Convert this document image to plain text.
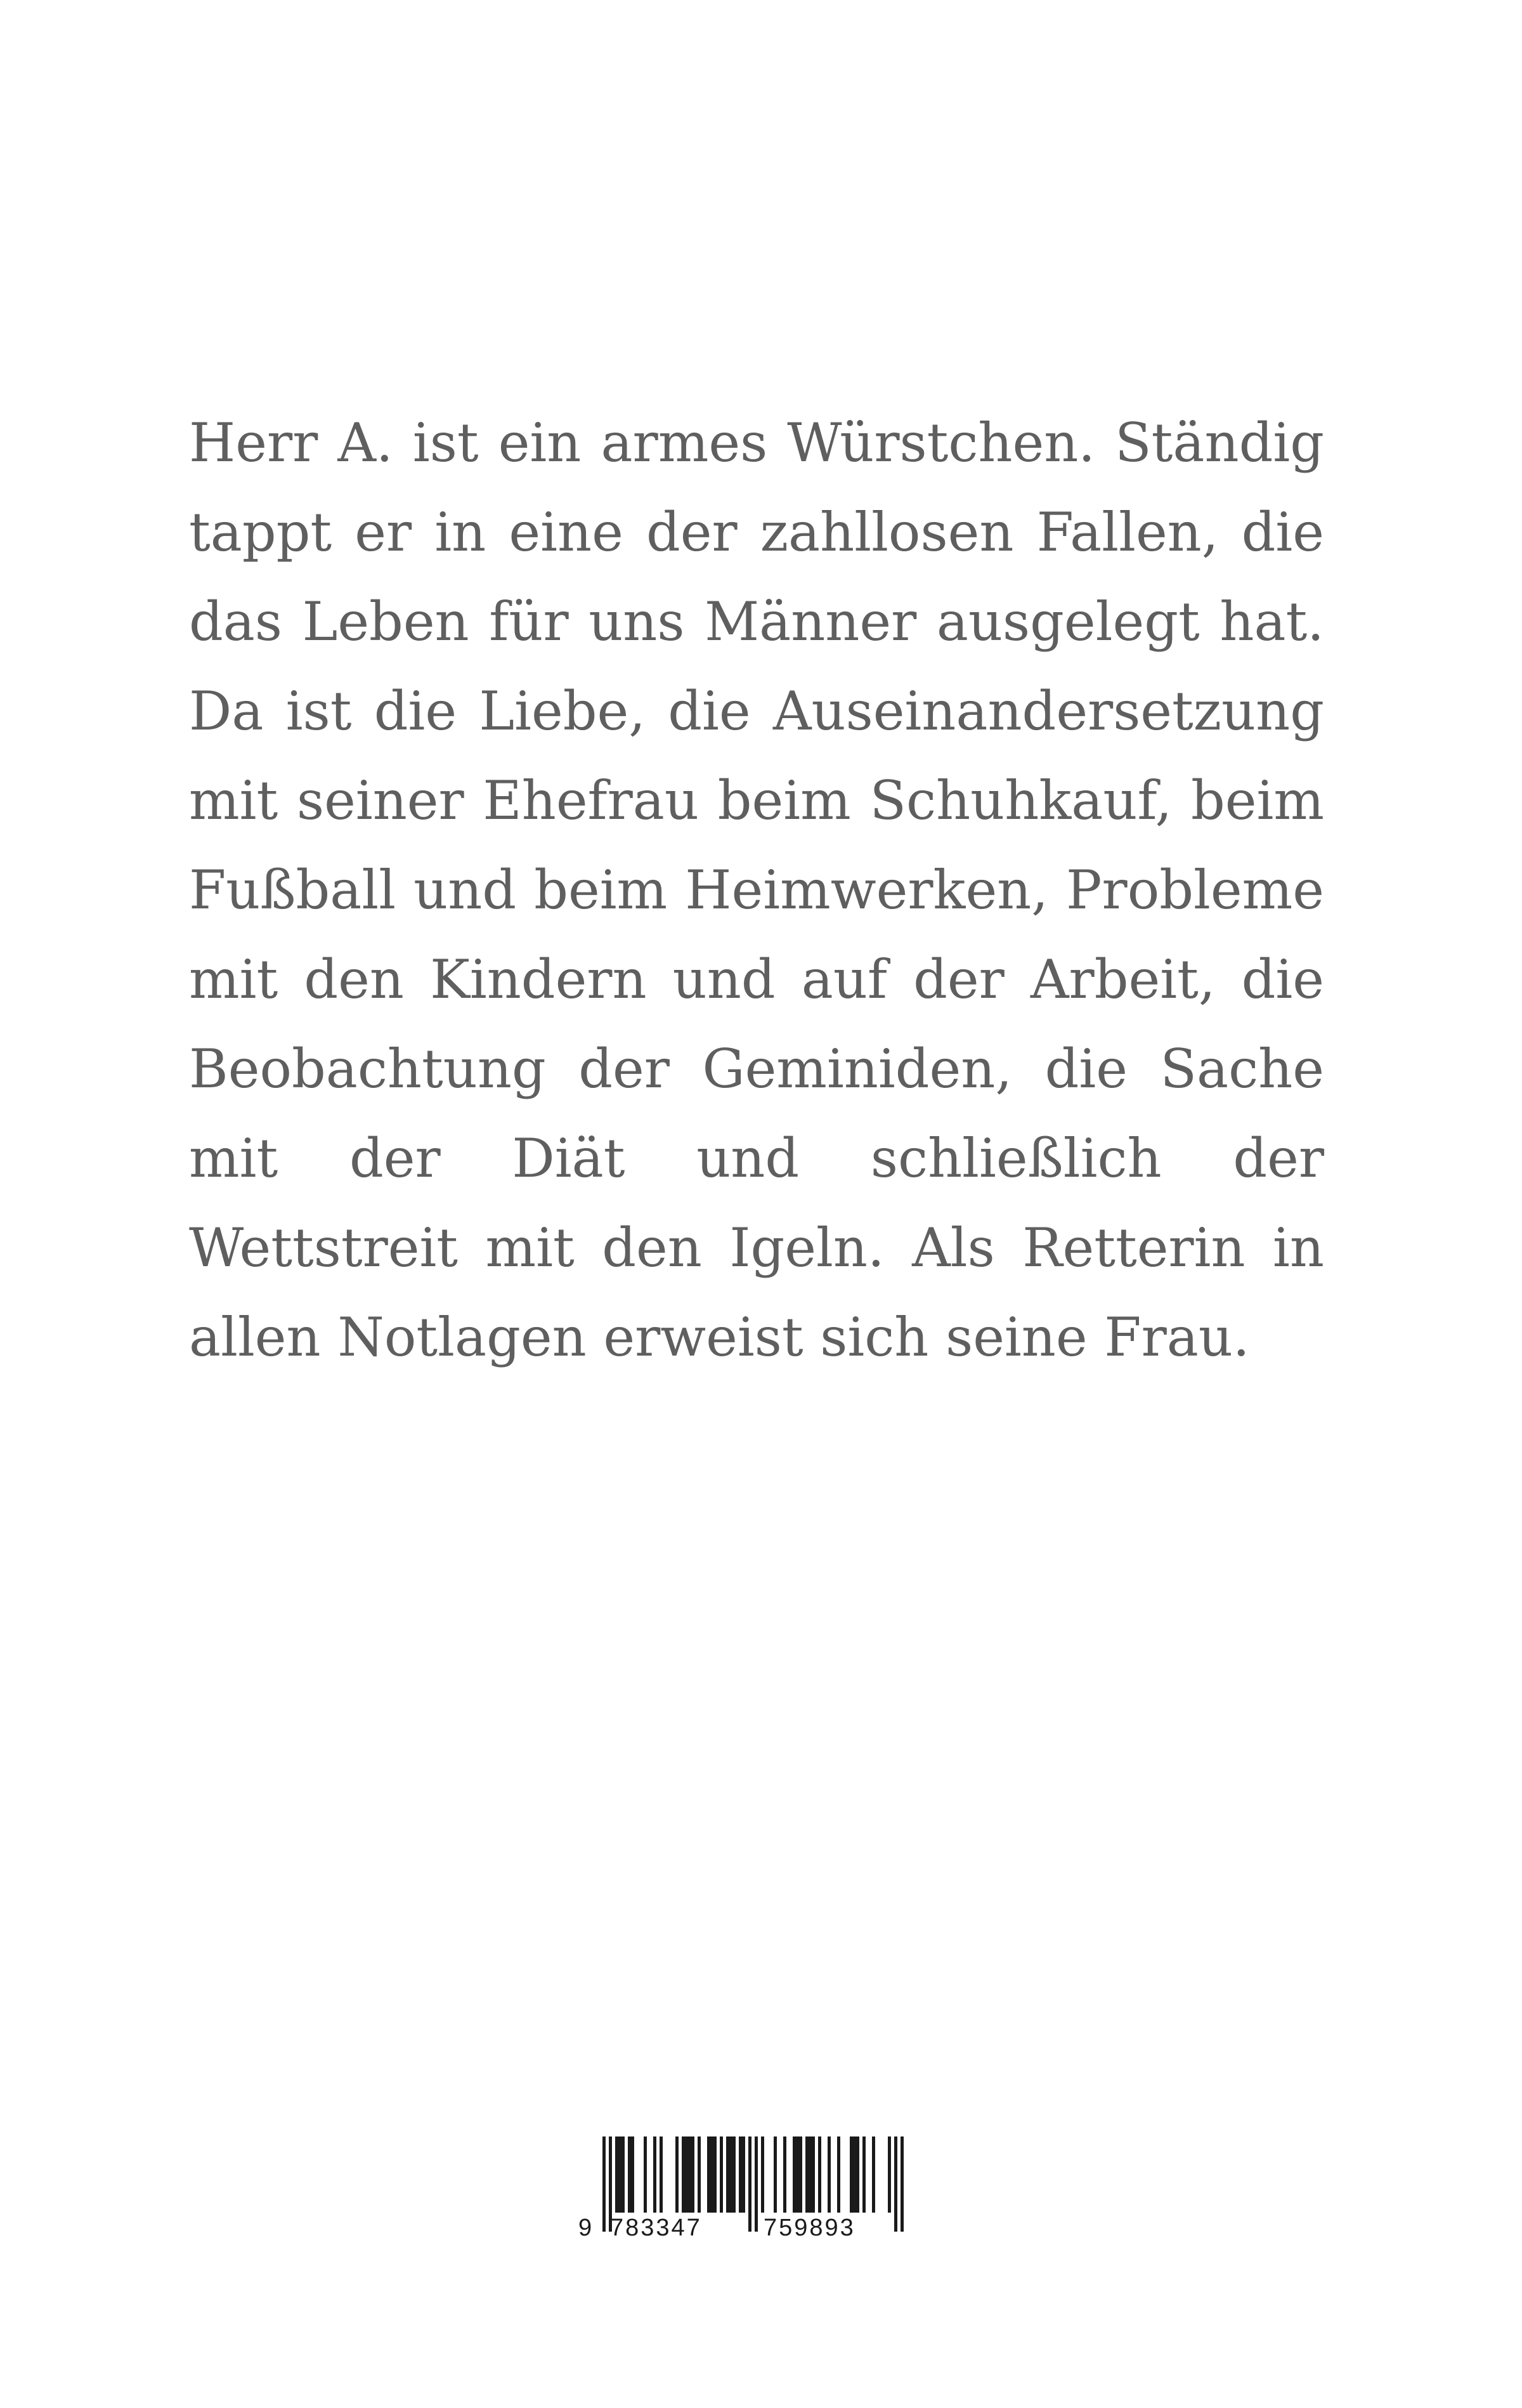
Herr A. ist ein armes Würstchen. Ständig tappt er in eine der zahllosen Fallen, die das Leben für uns Männer ausgelegt hat. Da ist die Liebe, die Auseinandersetzung mit seiner Ehefrau beim Schuhkauf, beim Fußball und beim Heimwerken, Probleme mit den Kindern und auf der Arbeit, die Beobachtung der Geminiden, die Sache mit der Diät und schließlich der Wettstreit mit den Igeln. Als Retterin in allen Notlagen erweist sich seine Frau.

9 783347	759893
